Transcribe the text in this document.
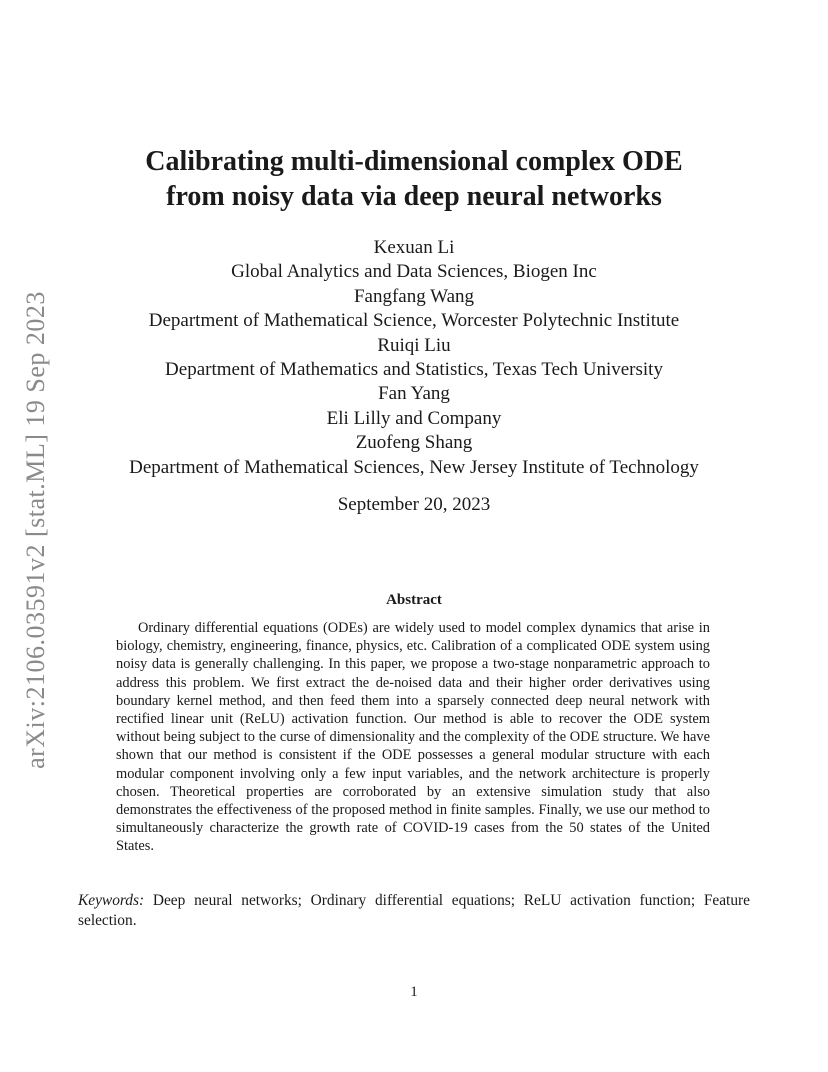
arXiv:2106.03591v2 [stat.ML] 19 Sep 2023
Calibrating multi-dimensional complex ODE
from noisy data via deep neural networks
Kexuan Li
Global Analytics and Data Sciences, Biogen Inc
Fangfang Wang
Department of Mathematical Science, Worcester Polytechnic Institute
Ruiqi Liu
Department of Mathematics and Statistics, Texas Tech University
Fan Yang
Eli Lilly and Company
Zuofeng Shang
Department of Mathematical Sciences, New Jersey Institute of Technology
September 20, 2023
Abstract

Ordinary differential equations (ODEs) are widely used to model complex dynamics that arise in biology, chemistry, engineering, finance, physics, etc. Calibration of a complicated ODE system using noisy data is generally challenging. In this paper, we propose a two-stage nonparametric approach to address this problem. We first extract the de-noised data and their higher order derivatives using boundary kernel method, and then feed them into a sparsely connected deep neural network with rectified linear unit (ReLU) activation function. Our method is able to recover the ODE system without being subject to the curse of dimensionality and the complexity of the ODE structure. We have shown that our method is consistent if the ODE possesses a general modular structure with each modular component involving only a few input variables, and the network architecture is properly chosen. Theoretical properties are corroborated by an extensive simulation study that also demonstrates the effectiveness of the proposed method in finite samples. Finally, we use our method to simultaneously characterize the growth rate of COVID-19 cases from the 50 states of the United States.

Keywords: Deep neural networks; Ordinary differential equations; ReLU activation function; Feature selection.

1
